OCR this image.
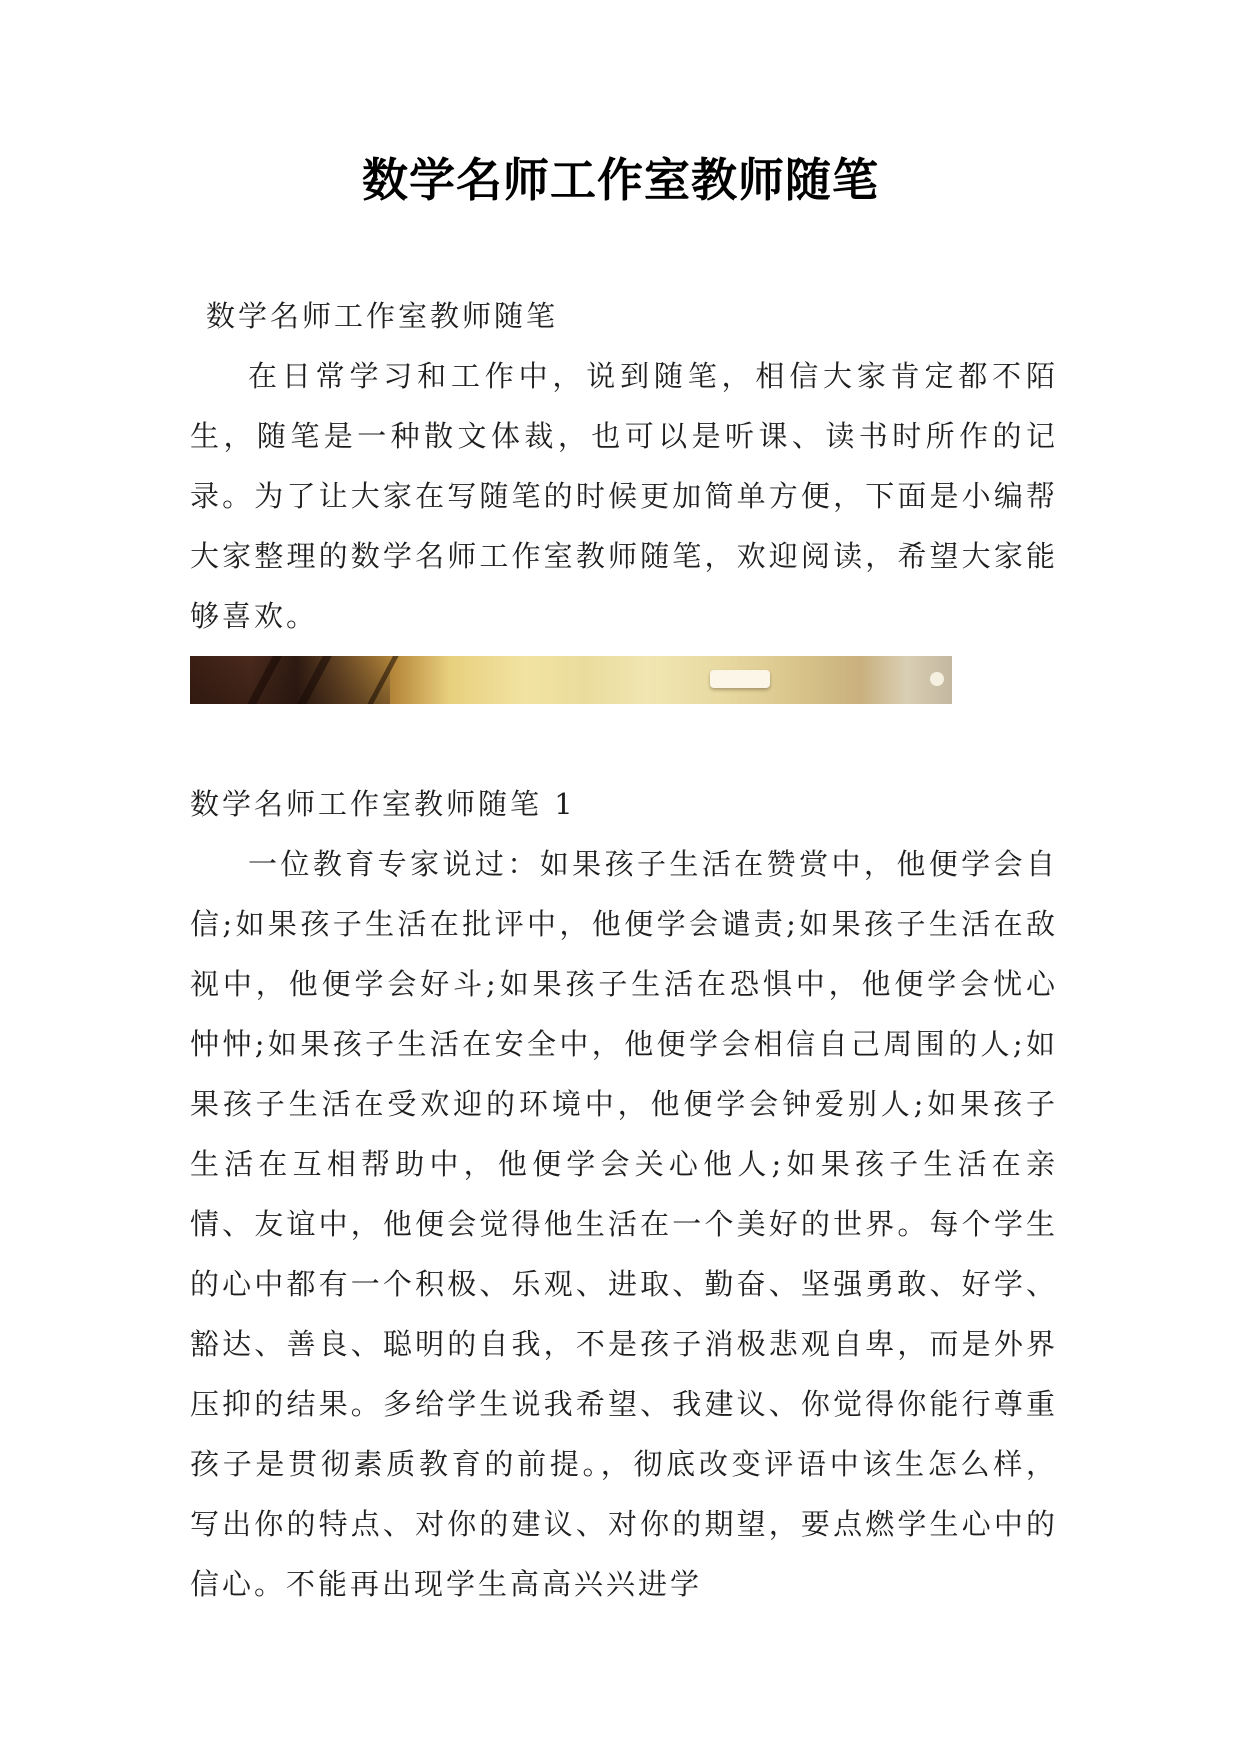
数学名师工作室教师随笔

数学名师工作室教师随笔

在日常学习和工作中，说到随笔，相信大家肯定都不陌生，随笔是一种散文体裁，也可以是听课、读书时所作的记录。为了让大家在写随笔的时候更加简单方便，下面是小编帮大家整理的数学名师工作室教师随笔，欢迎阅读，希望大家能够喜欢。

数学名师工作室教师随笔 1

一位教育专家说过：如果孩子生活在赞赏中，他便学会自信;如果孩子生活在批评中，他便学会谴责;如果孩子生活在敌视中，他便学会好斗;如果孩子生活在恐惧中，他便学会忧心忡忡;如果孩子生活在安全中，他便学会相信自己周围的人;如果孩子生活在受欢迎的环境中，他便学会钟爱别人;如果孩子生活在互相帮助中，他便学会关心他人;如果孩子生活在亲情、友谊中，他便会觉得他生活在一个美好的世界。每个学生的心中都有一个积极、乐观、进取、勤奋、坚强勇敢、好学、豁达、善良、聪明的自我，不是孩子消极悲观自卑，而是外界压抑的结果。多给学生说我希望、我建议、你觉得你能行尊重孩子是贯彻素质教育的前提。，彻底改变评语中该生怎么样，写出你的特点、对你的建议、对你的期望，要点燃学生心中的信心。不能再出现学生高高兴兴进学
